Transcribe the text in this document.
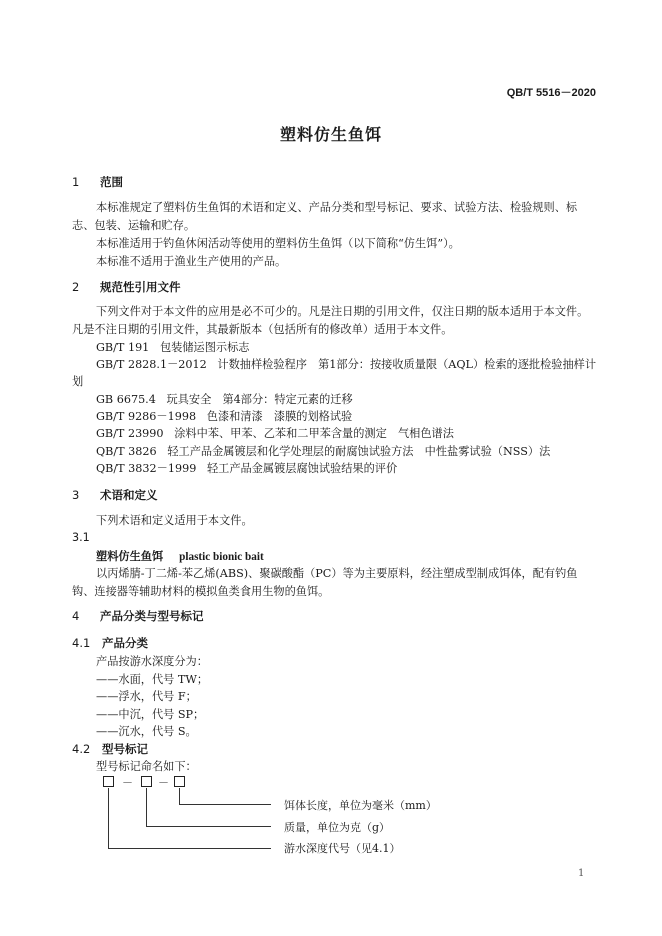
QB/T 5516－2020
塑料仿生鱼饵
1 范围
本标准规定了塑料仿生鱼饵的术语和定义、产品分类和型号标记、要求、试验方法、检验规则、标
志、包装、运输和贮存。
本标准适用于钓鱼休闲活动等使用的塑料仿生鱼饵（以下简称“仿生饵”）。
本标准不适用于渔业生产使用的产品。
2 规范性引用文件
下列文件对于本文件的应用是必不可少的。凡是注日期的引用文件，仅注日期的版本适用于本文件。
凡是不注日期的引用文件，其最新版本（包括所有的修改单）适用于本文件。
GB/T 191 包装储运图示标志
GB/T 2828.1－2012 计数抽样检验程序　第1部分：按接收质量限（AQL）检索的逐批检验抽样计
划
GB 6675.4 玩具安全　第4部分：特定元素的迁移
GB/T 9286－1998 色漆和清漆　漆膜的划格试验
GB/T 23990 涂料中苯、甲苯、乙苯和二甲苯含量的测定　气相色谱法
QB/T 3826 轻工产品金属镀层和化学处理层的耐腐蚀试验方法　中性盐雾试验（NSS）法
QB/T 3832－1999 轻工产品金属镀层腐蚀试验结果的评价
3 术语和定义
下列术语和定义适用于本文件。
3.1
塑料仿生鱼饵 plastic bionic bait
以丙烯腈-丁二烯-苯乙烯(ABS)、聚碳酸酯（PC）等为主要原料，经注塑成型制成饵体，配有钓鱼
钩、连接器等辅助材料的模拟鱼类食用生物的鱼饵。
4 产品分类与型号标记
4.1 产品分类
产品按游水深度分为：
——水面，代号 TW；
——浮水，代号 F；
——中沉，代号 SP；
——沉水，代号 S。
4.2 型号标记
型号标记命名如下：
－ －
饵体长度，单位为毫米（mm）
质量，单位为克（g）
游水深度代号（见4.1）
1
